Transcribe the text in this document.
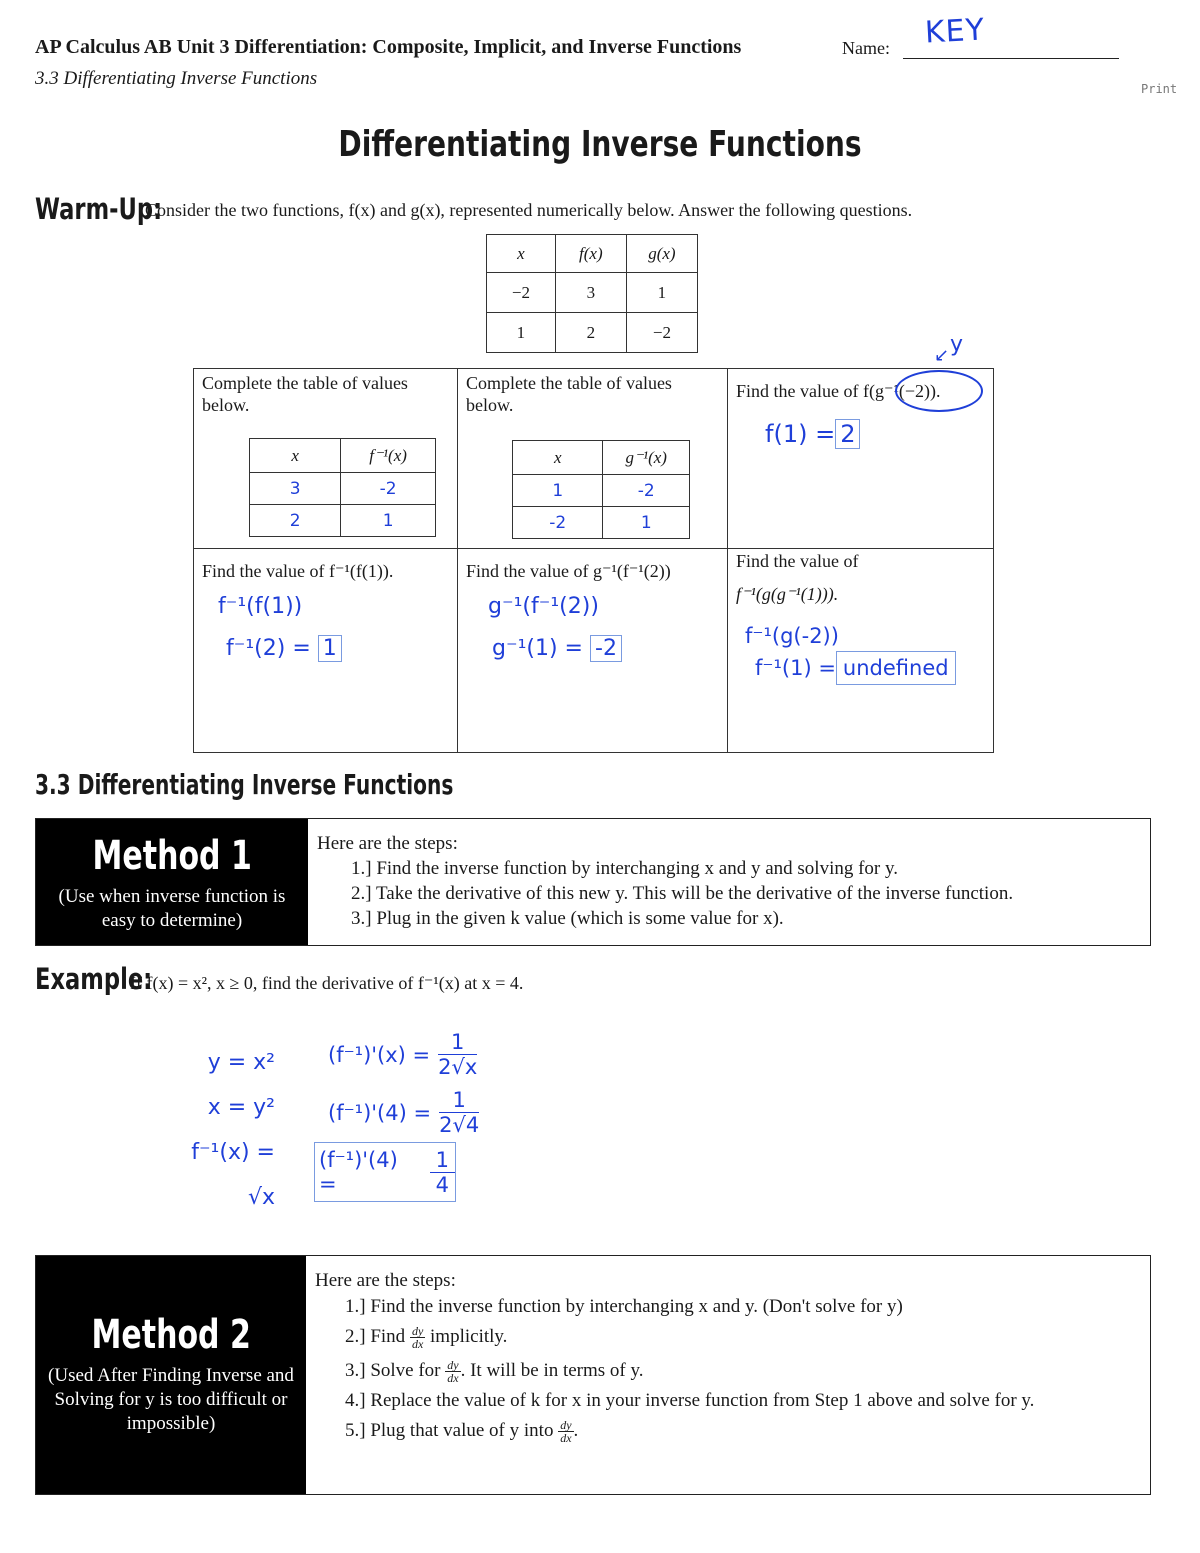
AP Calculus AB Unit 3 Differentiation: Composite, Implicit, and Inverse Functions
3.3 Differentiating Inverse Functions
Name: KEY
Print
Differentiating Inverse Functions
Warm-Up:
Consider the two functions, f(x) and g(x), represented numerically below. Answer the following questions.
x	f(x)	g(x)
−2	3	1
1	2	−2
Complete the table of values below.
x	f⁻¹(x)
3	-2
2	1
Complete the table of values below.
x	g⁻¹(x)
1	-2
-2	1
Find the value of f(g⁻¹(−2)).
y
↙
f(1) = 2
Find the value of f⁻¹(f(1)).
f⁻¹(f(1))
f⁻¹(2) = 1
Find the value of g⁻¹(f⁻¹(2))
g⁻¹(f⁻¹(2))
g⁻¹(1) = -2
Find the value of
f⁻¹(g(g⁻¹(1))).
f⁻¹(g(-2))
f⁻¹(1) = undefined
3.3 Differentiating Inverse Functions
Method 1
(Use when inverse function is easy to determine)
Here are the steps:
1.] Find the inverse function by interchanging x and y and solving for y.
2.] Take the derivative of this new y. This will be the derivative of the inverse function.
3.] Plug in the given k value (which is some value for x).
Example:
If f(x) = x², x ≥ 0, find the derivative of f⁻¹(x) at x = 4.
y = x²
x = y²
f⁻¹(x) = √x
$(f^{-1})'(x) = \frac{1}{2√x}$
$(f^{-1})'(4) = \frac{1}{2√4}$
(f⁻¹)'(4) =	$\frac{1}{4}$
Method 2
(Used After Finding Inverse and Solving for y is too difficult or impossible)
Here are the steps:
1.] Find the inverse function by interchanging x and y. (Don't solve for y)
2.] Find $\frac{dy}{dx}$ implicitly.
3.] Solve for $\frac{dy}{dx}$ . It will be in terms of y.
4.] Replace the value of k for x in your inverse function from Step 1 above and solve for y.
5.] Plug that value of y into $\frac{dy}{dx}$ .
